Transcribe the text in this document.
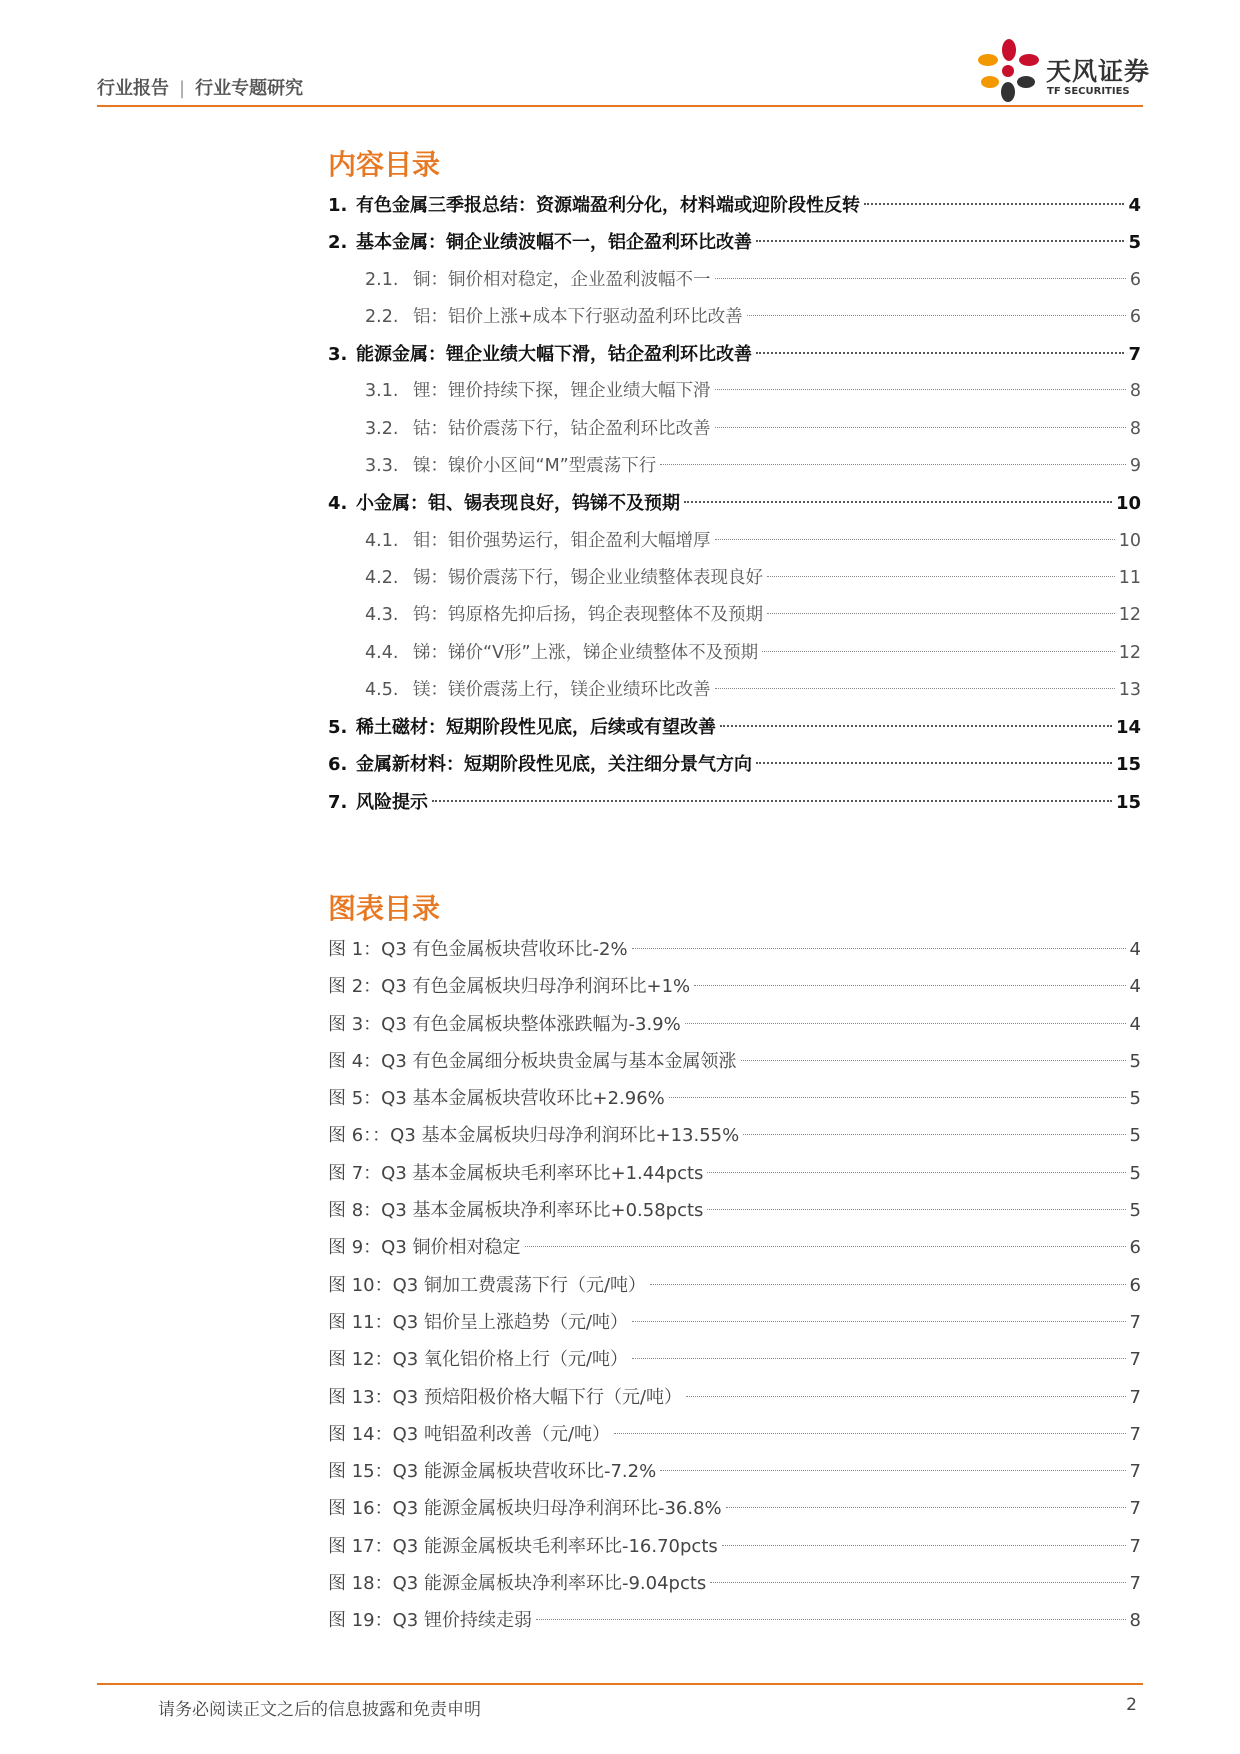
行业报告 | 行业专题研究
天风证券
TF SECURITIES
内容目录
1. 有色金属三季报总结：资源端盈利分化，材料端或迎阶段性反转	4
2. 基本金属：铜企业绩波幅不一，铝企盈利环比改善	5
2.1. 铜：铜价相对稳定，企业盈利波幅不一	6
2.2. 铝：铝价上涨+成本下行驱动盈利环比改善	6
3. 能源金属：锂企业绩大幅下滑，钴企盈利环比改善	7
3.1. 锂：锂价持续下探，锂企业绩大幅下滑	8
3.2. 钴：钴价震荡下行，钴企盈利环比改善	8
3.3. 镍：镍价小区间“M”型震荡下行	9
4. 小金属：钼、锡表现良好，钨锑不及预期	10
4.1. 钼：钼价强势运行，钼企盈利大幅增厚	10
4.2. 锡：锡价震荡下行，锡企业业绩整体表现良好	11
4.3. 钨：钨原格先抑后扬，钨企表现整体不及预期	12
4.4. 锑：锑价“V形”上涨，锑企业绩整体不及预期	12
4.5. 镁：镁价震荡上行，镁企业绩环比改善	13
5. 稀土磁材：短期阶段性见底，后续或有望改善	14
6. 金属新材料：短期阶段性见底，关注细分景气方向	15
7. 风险提示	15
图表目录
图 1：Q3 有色金属板块营收环比-2%	4
图 2：Q3 有色金属板块归母净利润环比+1%	4
图 3：Q3 有色金属板块整体涨跌幅为-3.9%	4
图 4：Q3 有色金属细分板块贵金属与基本金属领涨	5
图 5：Q3 基本金属板块营收环比+2.96%	5
图 6：：Q3 基本金属板块归母净利润环比+13.55%	5
图 7：Q3 基本金属板块毛利率环比+1.44pcts	5
图 8：Q3 基本金属板块净利率环比+0.58pcts	5
图 9：Q3 铜价相对稳定	6
图 10：Q3 铜加工费震荡下行（元/吨）	6
图 11：Q3 铝价呈上涨趋势（元/吨）	7
图 12：Q3 氧化铝价格上行（元/吨）	7
图 13：Q3 预焙阳极价格大幅下行（元/吨）	7
图 14：Q3 吨铝盈利改善（元/吨）	7
图 15：Q3 能源金属板块营收环比-7.2%	7
图 16：Q3 能源金属板块归母净利润环比-36.8%	7
图 17：Q3 能源金属板块毛利率环比-16.70pcts	7
图 18：Q3 能源金属板块净利率环比-9.04pcts	7
图 19：Q3 锂价持续走弱	8
请务必阅读正文之后的信息披露和免责申明	2
